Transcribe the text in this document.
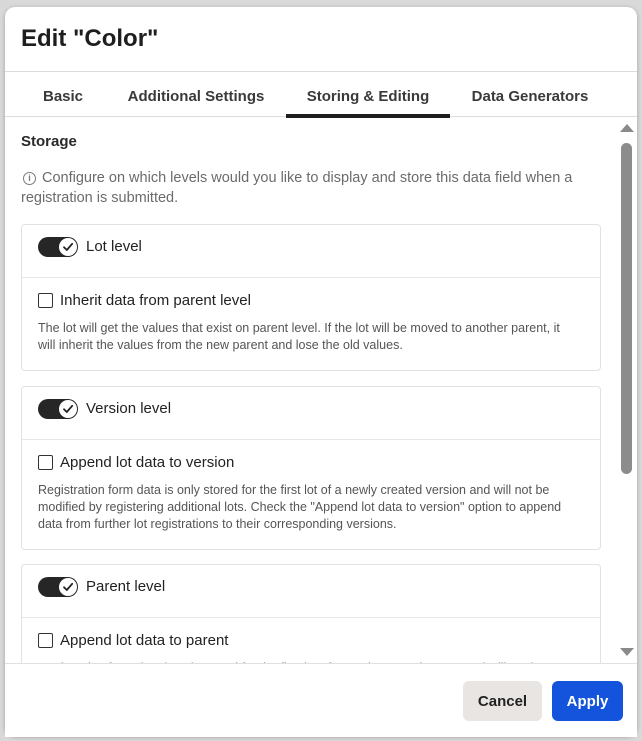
Edit "Color"
Basic	Additional Settings	Storing & Editing	Data Generators
Storage
i Configure on which levels would you like to display and store this data field when a registration is submitted.
Lot level
Inherit data from parent level
The lot will get the values that exist on parent level. If the lot will be moved to another parent, it will inherit the values from the new parent and lose the old values.
Version level
Append lot data to version
Registration form data is only stored for the first lot of a newly created version and will not be modified by registering additional lots. Check the "Append lot data to version" option to append data from further lot registrations to their corresponding versions.
Parent level
Append lot data to parent
Cancel	Apply
